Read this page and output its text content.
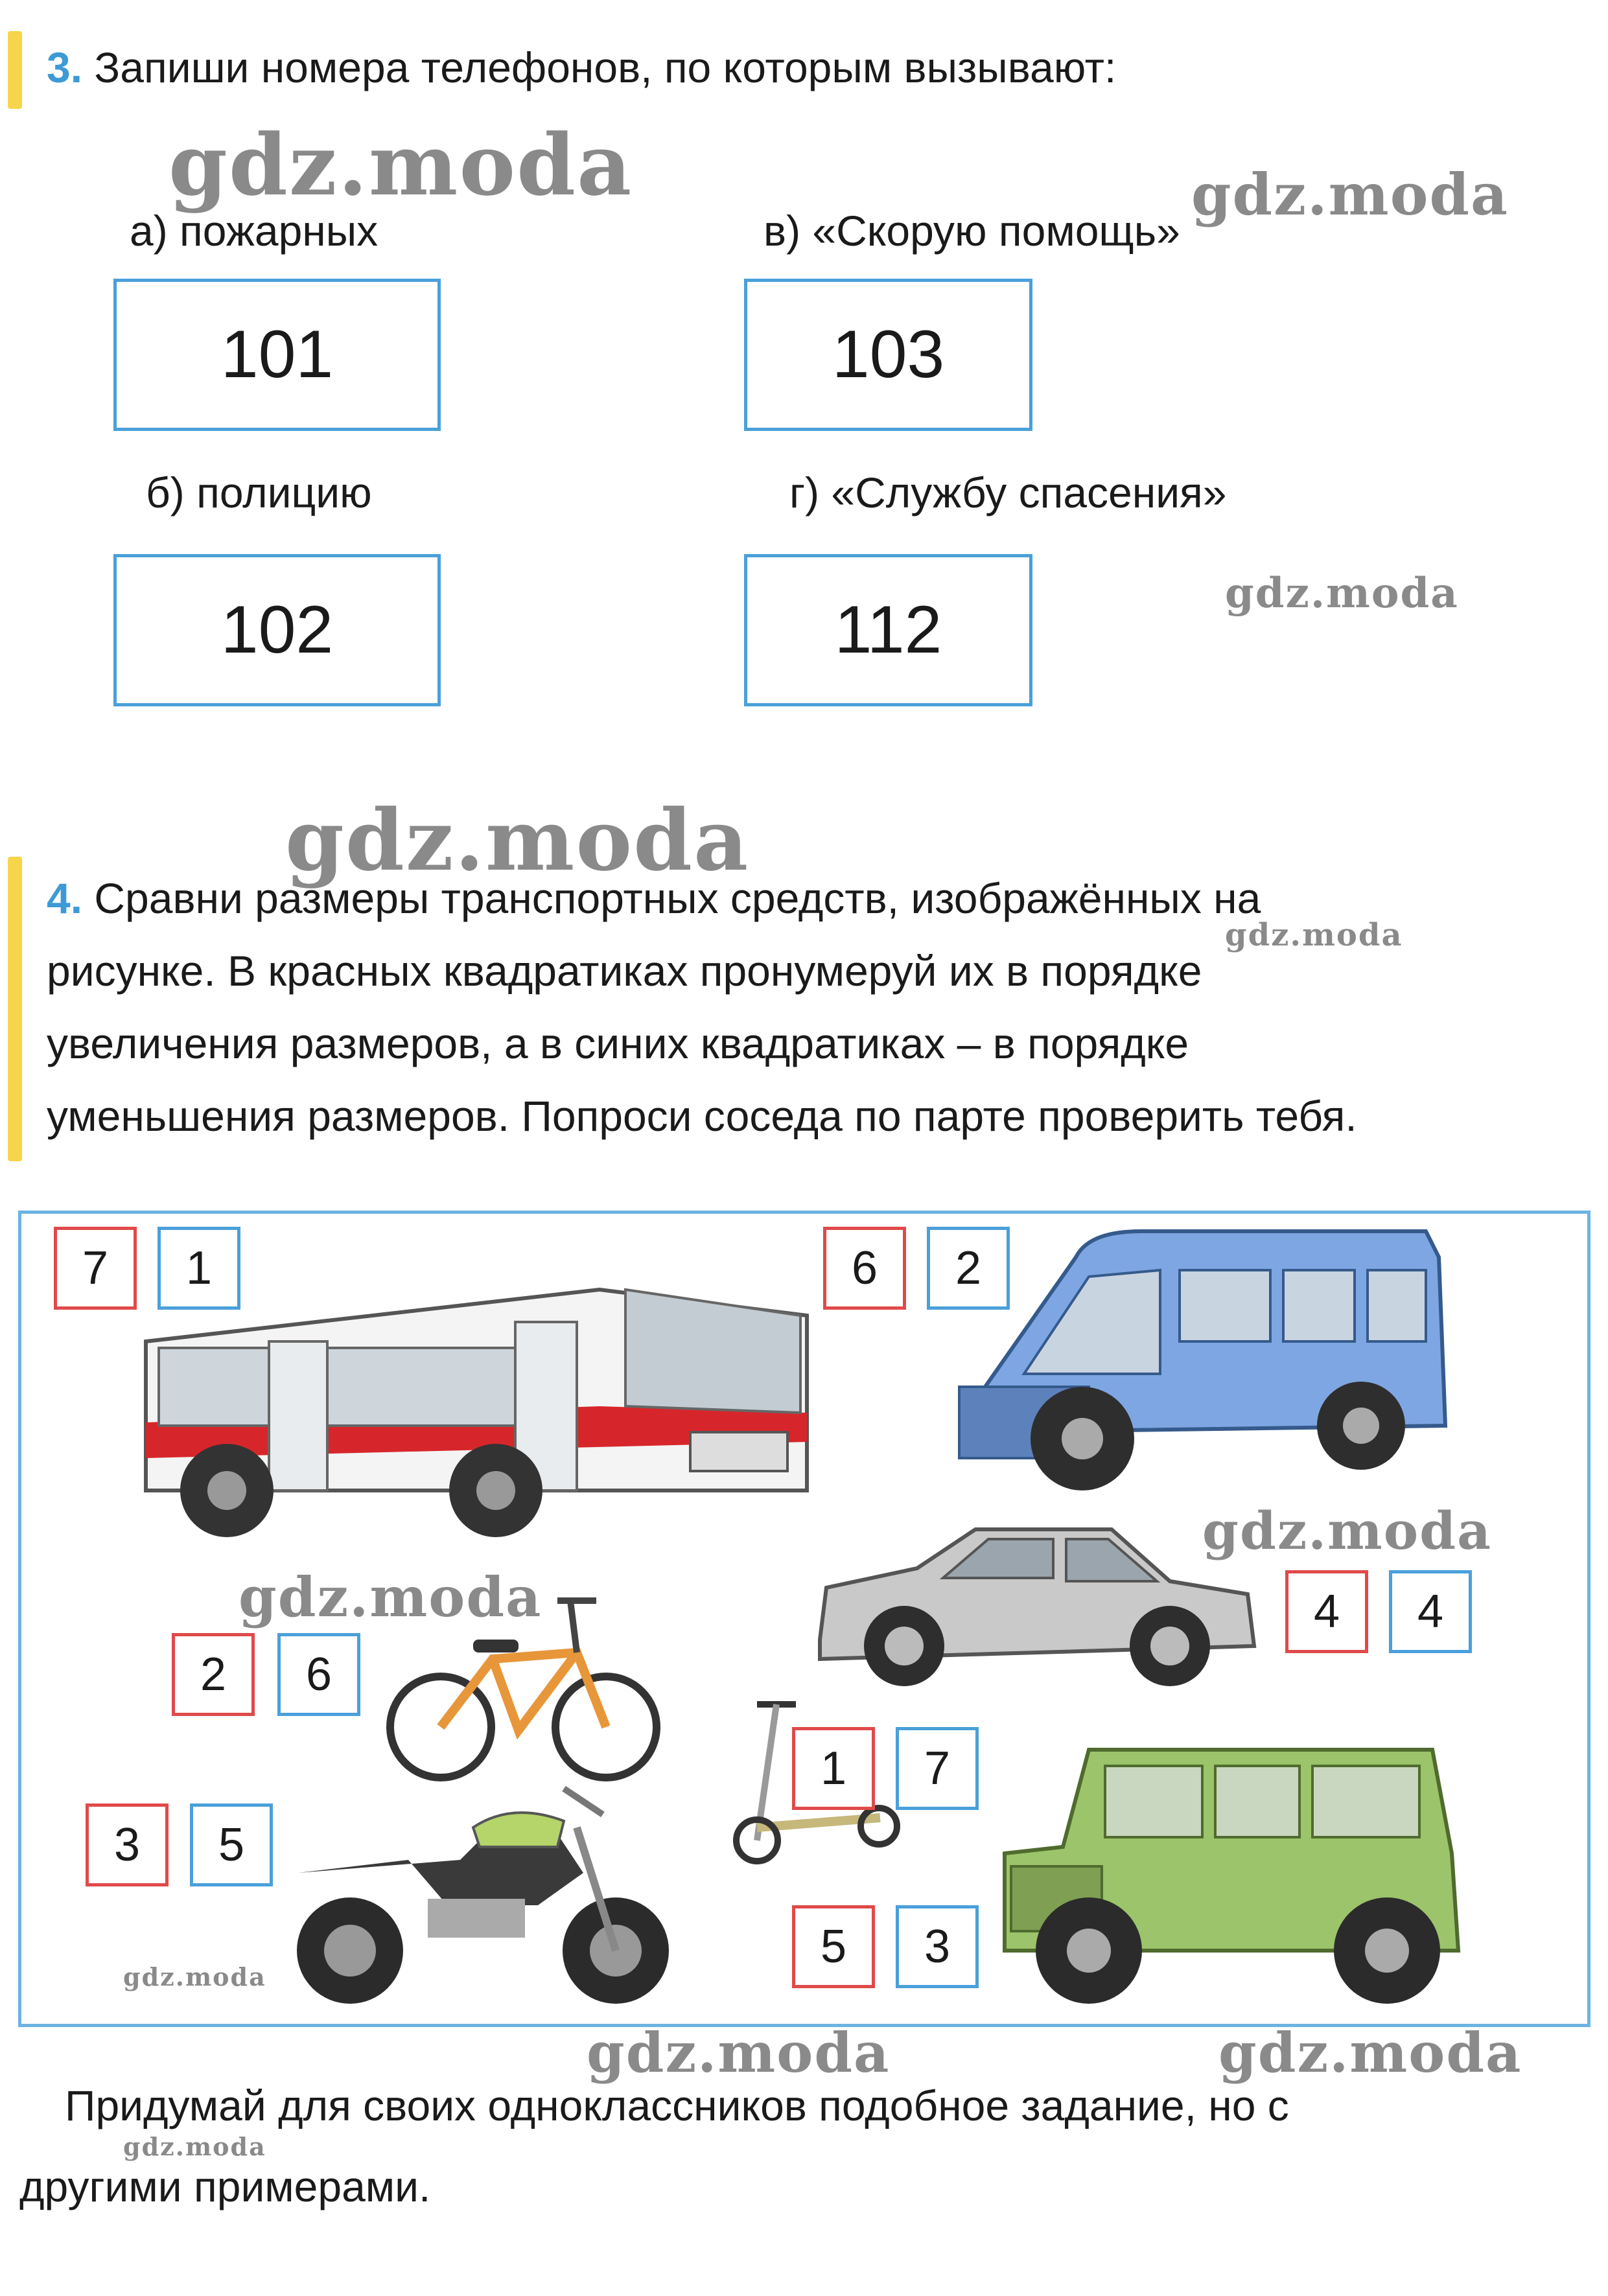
3. Запиши номера телефонов, по которым вызывают:
а) пожарных
101
в) «Скорую помощь»
103
б) полицию
102
г) «Службу спасения»
112
4. Сравни размеры транспортных средств, изображённых на
рисунке. В красных квадратиках пронумеруй их в порядке
увеличения размеров, а в синих квадратиках – в порядке
уменьшения размеров. Попроси соседа по парте проверить тебя.
7	1	6	2
4	4
2	6
1	7
3	5
5	3
Придумай для своих одноклассников подобное задание, но с
другими примерами.
gdz.moda	gdz.moda
gdz.moda
gdz.moda
gdz.moda
gdz.moda
gdz.moda
gdz.moda
gdz.moda	gdz.moda
gdz.moda
